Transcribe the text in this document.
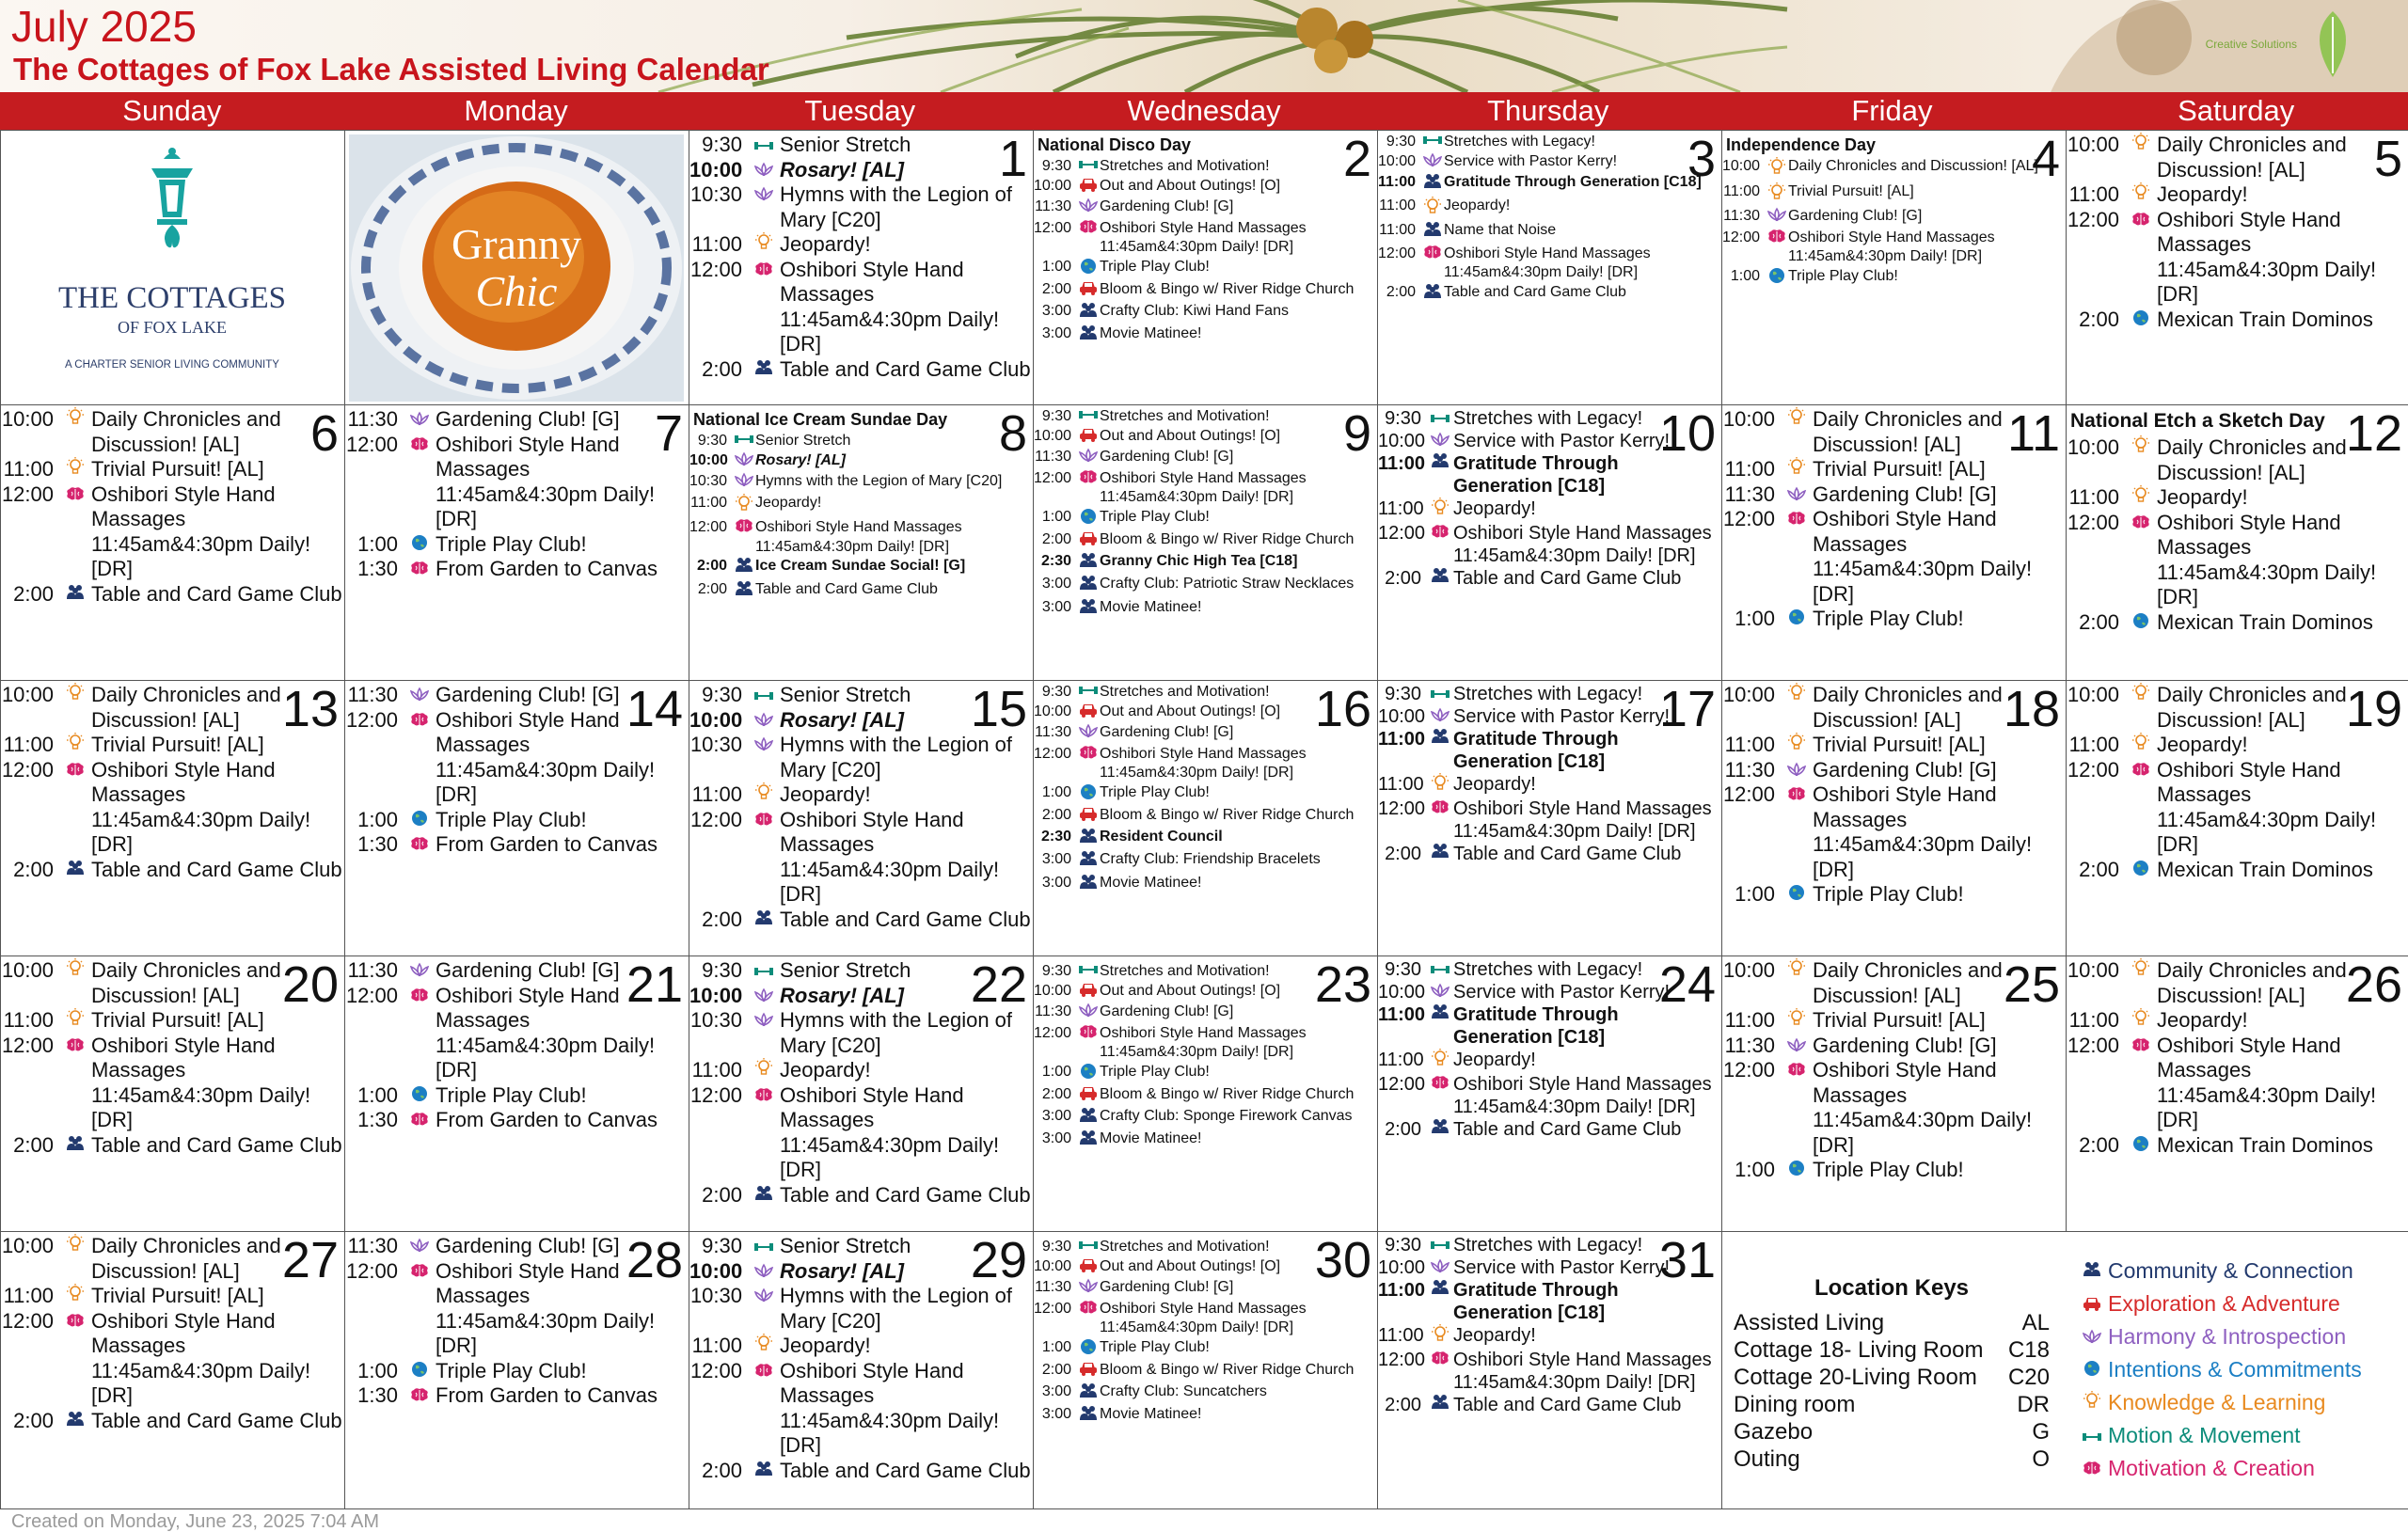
July 2025
The Cottages of Fox Lake Assisted Living Calendar
Creative Solutions
Sunday	Monday	Tuesday	Wednesday	Thursday	Friday	Saturday
THE COTTAGES
OF FOX LAKE
A CHARTER SENIOR LIVING COMMUNITY
Granny
Chic
Location Keys
Assisted Living	AL
Cottage 18- Living Room C18
Cottage 20-Living Room C20
Dining room	DR
Gazebo	G
Outing	O
Community & Connection
Exploration & Adventure
Harmony & Introspection
Intentions & Commitments
Knowledge & Learning
Motion & Movement
Motivation & Creation
1
9:30 Senior Stretch
10:00 Rosary! [AL]
10:30 Hymns with the Legion of Mary [C20]
11:00 Jeopardy!
12:00 Oshibori Style Hand Massages 11:45am&4:30pm Daily! [DR]
2:00 Table and Card Game Club
2
National Disco Day
9:30	Stretches and Motivation!
10:00	Out and About Outings! [O]
11:30	Gardening Club! [G]
12:00	Oshibori Style Hand Massages 11:45am&4:30pm Daily! [DR]
1:00	Triple Play Club!
2:00	Bloom & Bingo w/ River Ridge Church
3:00	Crafty Club: Kiwi Hand Fans
3:00	Movie Matinee!
3
9:30	Stretches with Legacy!
10:00	Service with Pastor Kerry!
11:00	Gratitude Through Generation [C18]
11:00	Jeopardy!
11:00	Name that Noise
12:00	Oshibori Style Hand Massages 11:45am&4:30pm Daily! [DR]
2:00	Table and Card Game Club
4
Independence Day
10:00	Daily Chronicles and Discussion! [AL]
11:00	Trivial Pursuit! [AL]
11:30	Gardening Club! [G]
12:00	Oshibori Style Hand Massages 11:45am&4:30pm Daily! [DR]
1:00	Triple Play Club!
5
10:00 Daily Chronicles and Discussion! [AL]
11:00 Jeopardy!
12:00 Oshibori Style Hand Massages 11:45am&4:30pm Daily! [DR]
2:00 Mexican Train Dominos
6
10:00 Daily Chronicles and Discussion! [AL]
11:00 Trivial Pursuit! [AL]
12:00 Oshibori Style Hand Massages 11:45am&4:30pm Daily! [DR]
2:00 Table and Card Game Club
7
11:30 Gardening Club! [G]
12:00 Oshibori Style Hand Massages 11:45am&4:30pm Daily! [DR]
1:00 Triple Play Club!
1:30 From Garden to Canvas
8
National Ice Cream Sundae Day
9:30	Senior Stretch
10:00	Rosary! [AL]
10:30	Hymns with the Legion of Mary [C20]
11:00	Jeopardy!
12:00	Oshibori Style Hand Massages 11:45am&4:30pm Daily! [DR]
2:00	Ice Cream Sundae Social! [G]
2:00	Table and Card Game Club
9
9:30	Stretches and Motivation!
10:00	Out and About Outings! [O]
11:30	Gardening Club! [G]
12:00	Oshibori Style Hand Massages 11:45am&4:30pm Daily! [DR]
1:00	Triple Play Club!
2:00	Bloom & Bingo w/ River Ridge Church
2:30	Granny Chic High Tea [C18]
3:00	Crafty Club: Patriotic Straw Necklaces
3:00	Movie Matinee!
10
9:30	Stretches with Legacy!
10:00 Service with Pastor Kerry!
11:00 Gratitude Through Generation [C18]
11:00 Jeopardy!
12:00 Oshibori Style Hand Massages 11:45am&4:30pm Daily! [DR]
2:00	Table and Card Game Club
11
10:00 Daily Chronicles and Discussion! [AL]
11:00 Trivial Pursuit! [AL]
11:30 Gardening Club! [G]
12:00 Oshibori Style Hand Massages 11:45am&4:30pm Daily! [DR]
1:00 Triple Play Club!
12
National Etch a Sketch Day
10:00 Daily Chronicles and Discussion! [AL]
11:00 Jeopardy!
12:00 Oshibori Style Hand Massages 11:45am&4:30pm Daily! [DR]
2:00 Mexican Train Dominos
13
10:00 Daily Chronicles and Discussion! [AL]
11:00 Trivial Pursuit! [AL]
12:00 Oshibori Style Hand Massages 11:45am&4:30pm Daily! [DR]
2:00 Table and Card Game Club
14
11:30 Gardening Club! [G]
12:00 Oshibori Style Hand Massages 11:45am&4:30pm Daily! [DR]
1:00 Triple Play Club!
1:30 From Garden to Canvas
15
9:30 Senior Stretch
10:00 Rosary! [AL]
10:30 Hymns with the Legion of Mary [C20]
11:00 Jeopardy!
12:00 Oshibori Style Hand Massages 11:45am&4:30pm Daily! [DR]
2:00 Table and Card Game Club
16
9:30	Stretches and Motivation!
10:00	Out and About Outings! [O]
11:30	Gardening Club! [G]
12:00	Oshibori Style Hand Massages 11:45am&4:30pm Daily! [DR]
1:00	Triple Play Club!
2:00	Bloom & Bingo w/ River Ridge Church
2:30	Resident Council
3:00	Crafty Club: Friendship Bracelets
3:00	Movie Matinee!
17
9:30	Stretches with Legacy!
10:00 Service with Pastor Kerry!
11:00 Gratitude Through Generation [C18]
11:00 Jeopardy!
12:00 Oshibori Style Hand Massages 11:45am&4:30pm Daily! [DR]
2:00	Table and Card Game Club
18
10:00 Daily Chronicles and Discussion! [AL]
11:00 Trivial Pursuit! [AL]
11:30 Gardening Club! [G]
12:00 Oshibori Style Hand Massages 11:45am&4:30pm Daily! [DR]
1:00 Triple Play Club!
19
10:00 Daily Chronicles and Discussion! [AL]
11:00 Jeopardy!
12:00 Oshibori Style Hand Massages 11:45am&4:30pm Daily! [DR]
2:00 Mexican Train Dominos
20
10:00 Daily Chronicles and Discussion! [AL]
11:00 Trivial Pursuit! [AL]
12:00 Oshibori Style Hand Massages 11:45am&4:30pm Daily! [DR]
2:00 Table and Card Game Club
21
11:30 Gardening Club! [G]
12:00 Oshibori Style Hand Massages 11:45am&4:30pm Daily! [DR]
1:00 Triple Play Club!
1:30 From Garden to Canvas
22
9:30 Senior Stretch
10:00 Rosary! [AL]
10:30 Hymns with the Legion of Mary [C20]
11:00 Jeopardy!
12:00 Oshibori Style Hand Massages 11:45am&4:30pm Daily! [DR]
2:00 Table and Card Game Club
23
9:30	Stretches and Motivation!
10:00	Out and About Outings! [O]
11:30	Gardening Club! [G]
12:00	Oshibori Style Hand Massages 11:45am&4:30pm Daily! [DR]
1:00	Triple Play Club!
2:00	Bloom & Bingo w/ River Ridge Church
3:00	Crafty Club: Sponge Firework Canvas
3:00	Movie Matinee!
24
9:30	Stretches with Legacy!
10:00 Service with Pastor Kerry!
11:00 Gratitude Through Generation [C18]
11:00 Jeopardy!
12:00 Oshibori Style Hand Massages 11:45am&4:30pm Daily! [DR]
2:00	Table and Card Game Club
25
10:00 Daily Chronicles and Discussion! [AL]
11:00 Trivial Pursuit! [AL]
11:30 Gardening Club! [G]
12:00 Oshibori Style Hand Massages 11:45am&4:30pm Daily! [DR]
1:00 Triple Play Club!
26
10:00 Daily Chronicles and Discussion! [AL]
11:00 Jeopardy!
12:00 Oshibori Style Hand Massages 11:45am&4:30pm Daily! [DR]
2:00 Mexican Train Dominos
27
10:00 Daily Chronicles and Discussion! [AL]
11:00 Trivial Pursuit! [AL]
12:00 Oshibori Style Hand Massages 11:45am&4:30pm Daily! [DR]
2:00 Table and Card Game Club
28
11:30 Gardening Club! [G]
12:00 Oshibori Style Hand Massages 11:45am&4:30pm Daily! [DR]
1:00 Triple Play Club!
1:30 From Garden to Canvas
29
9:30 Senior Stretch
10:00 Rosary! [AL]
10:30 Hymns with the Legion of Mary [C20]
11:00 Jeopardy!
12:00 Oshibori Style Hand Massages 11:45am&4:30pm Daily! [DR]
2:00 Table and Card Game Club
30
9:30	Stretches and Motivation!
10:00	Out and About Outings! [O]
11:30	Gardening Club! [G]
12:00	Oshibori Style Hand Massages 11:45am&4:30pm Daily! [DR]
1:00	Triple Play Club!
2:00	Bloom & Bingo w/ River Ridge Church
3:00	Crafty Club: Suncatchers
3:00	Movie Matinee!
31
9:30	Stretches with Legacy!
10:00 Service with Pastor Kerry!
11:00 Gratitude Through Generation [C18]
11:00 Jeopardy!
12:00 Oshibori Style Hand Massages 11:45am&4:30pm Daily! [DR]
2:00	Table and Card Game Club
Created on Monday, June 23, 2025 7:04 AM
